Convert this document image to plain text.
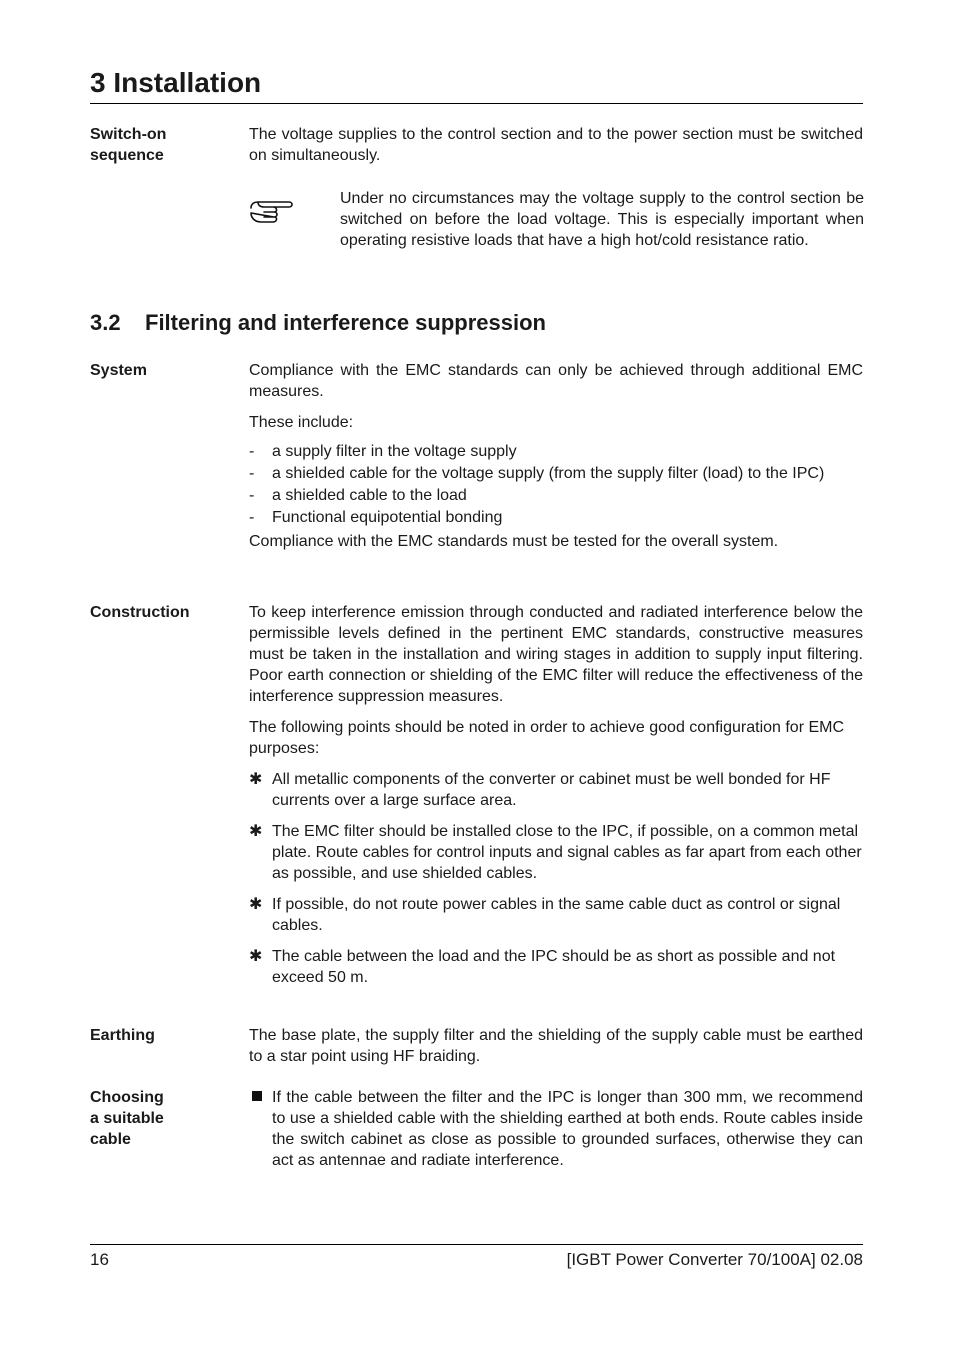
3 Installation
Switch-on sequence

The voltage supplies to the control section and to the power section must be switched on simultaneously.

Under no circumstances may the voltage supply to the control section be switched on before the load voltage. This is especially important when operating resistive loads that have a high hot/cold resistance ratio.
3.2 Filtering and interference suppression
System	Compliance with the EMC standards can only be achieved through additional EMC measures.

These include:

- a supply filter in the voltage supply
- a shielded cable for the voltage supply (from the supply filter (load) to the IPC)
- a shielded cable to the load
- Functional equipotential bonding

Compliance with the EMC standards must be tested for the overall system.

Construction	To keep interference emission through conducted and radiated interference below the permissible levels defined in the pertinent EMC standards, constructive measures must be taken in the installation and wiring stages in addition to supply input filtering. Poor earth connection or shielding of the EMC filter will reduce the effectiveness of the interference suppression measures.

The following points should be noted in order to achieve good configuration for EMC purposes:

✱ All metallic components of the converter or cabinet must be well bonded for HF currents over a large surface area.
✱ The EMC filter should be installed close to the IPC, if possible, on a common metal plate. Route cables for control inputs and signal cables as far apart from each other as possible, and use shielded cables.
✱ If possible, do not route power cables in the same cable duct as control or signal cables.
✱ The cable between the load and the IPC should be as short as possible and not exceed 50 m.
Earthing	The base plate, the supply filter and the shielding of the supply cable must be earthed to a star point using HF braiding.

Choosing
a suitable
cable
If the cable between the filter and the IPC is longer than 300 mm, we recommend to use a shielded cable with the shielding earthed at both ends. Route cables inside the switch cabinet as close as possible to grounded surfaces, otherwise they can act as antennae and radiate interference.
16	[IGBT Power Converter 70/100A] 02.08
